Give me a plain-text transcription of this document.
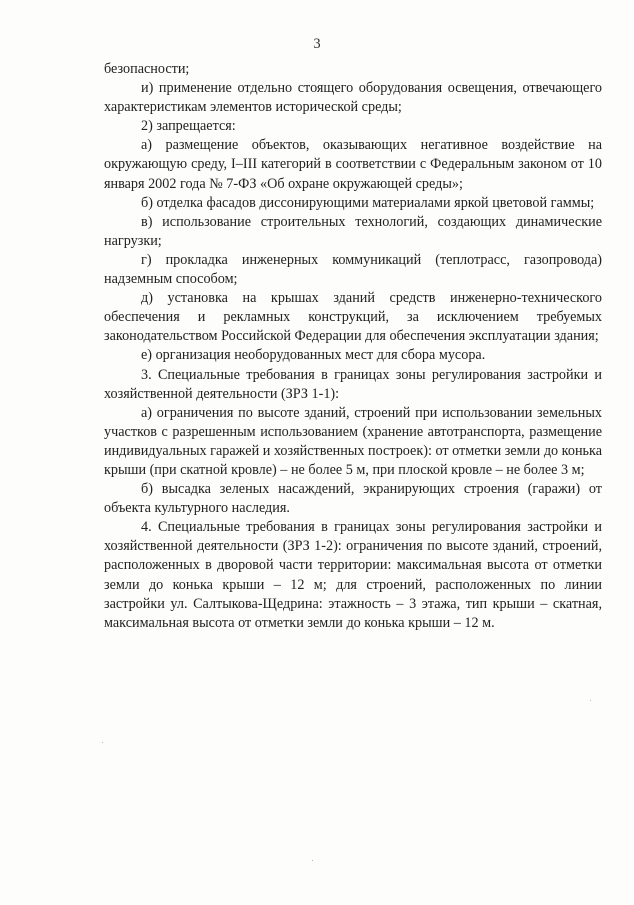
3

безопасности;

и) применение отдельно стоящего оборудования освещения, отвечающего характеристикам элементов исторической среды;

2) запрещается:

а) размещение объектов, оказывающих негативное воздействие на окружающую среду, I–III категорий в соответствии с Федеральным законом от 10 января 2002 года № 7-ФЗ «Об охране окружающей среды»;

б) отделка фасадов диссонирующими материалами яркой цветовой гаммы;

в) использование строительных технологий, создающих динамические нагрузки;

г) прокладка инженерных коммуникаций (теплотрасс, газопровода) надземным способом;

д) установка на крышах зданий средств инженерно-технического обеспечения и рекламных конструкций, за исключением требуемых законодательством Российской Федерации для обеспечения эксплуатации здания;

е) организация необорудованных мест для сбора мусора.

3. Специальные требования в границах зоны регулирования застройки и хозяйственной деятельности (ЗРЗ 1-1):

а) ограничения по высоте зданий, строений при использовании земельных участков с разрешенным использованием (хранение автотранспорта, размещение индивидуальных гаражей и хозяйственных построек): от отметки земли до конька крыши (при скатной кровле) – не более 5 м, при плоской кровле – не более 3 м;

б) высадка зеленых насаждений, экранирующих строения (гаражи) от объекта культурного наследия.

4. Специальные требования в границах зоны регулирования застройки и хозяйственной деятельности (ЗРЗ 1-2): ограничения по высоте зданий, строений, расположенных в дворовой части территории: максимальная высота от отметки земли до конька крыши – 12 м; для строений, расположенных по линии застройки ул. Салтыкова-Щедрина: этажность – 3 этажа, тип крыши – скатная, максимальная высота от отметки земли до конька крыши – 12 м.
